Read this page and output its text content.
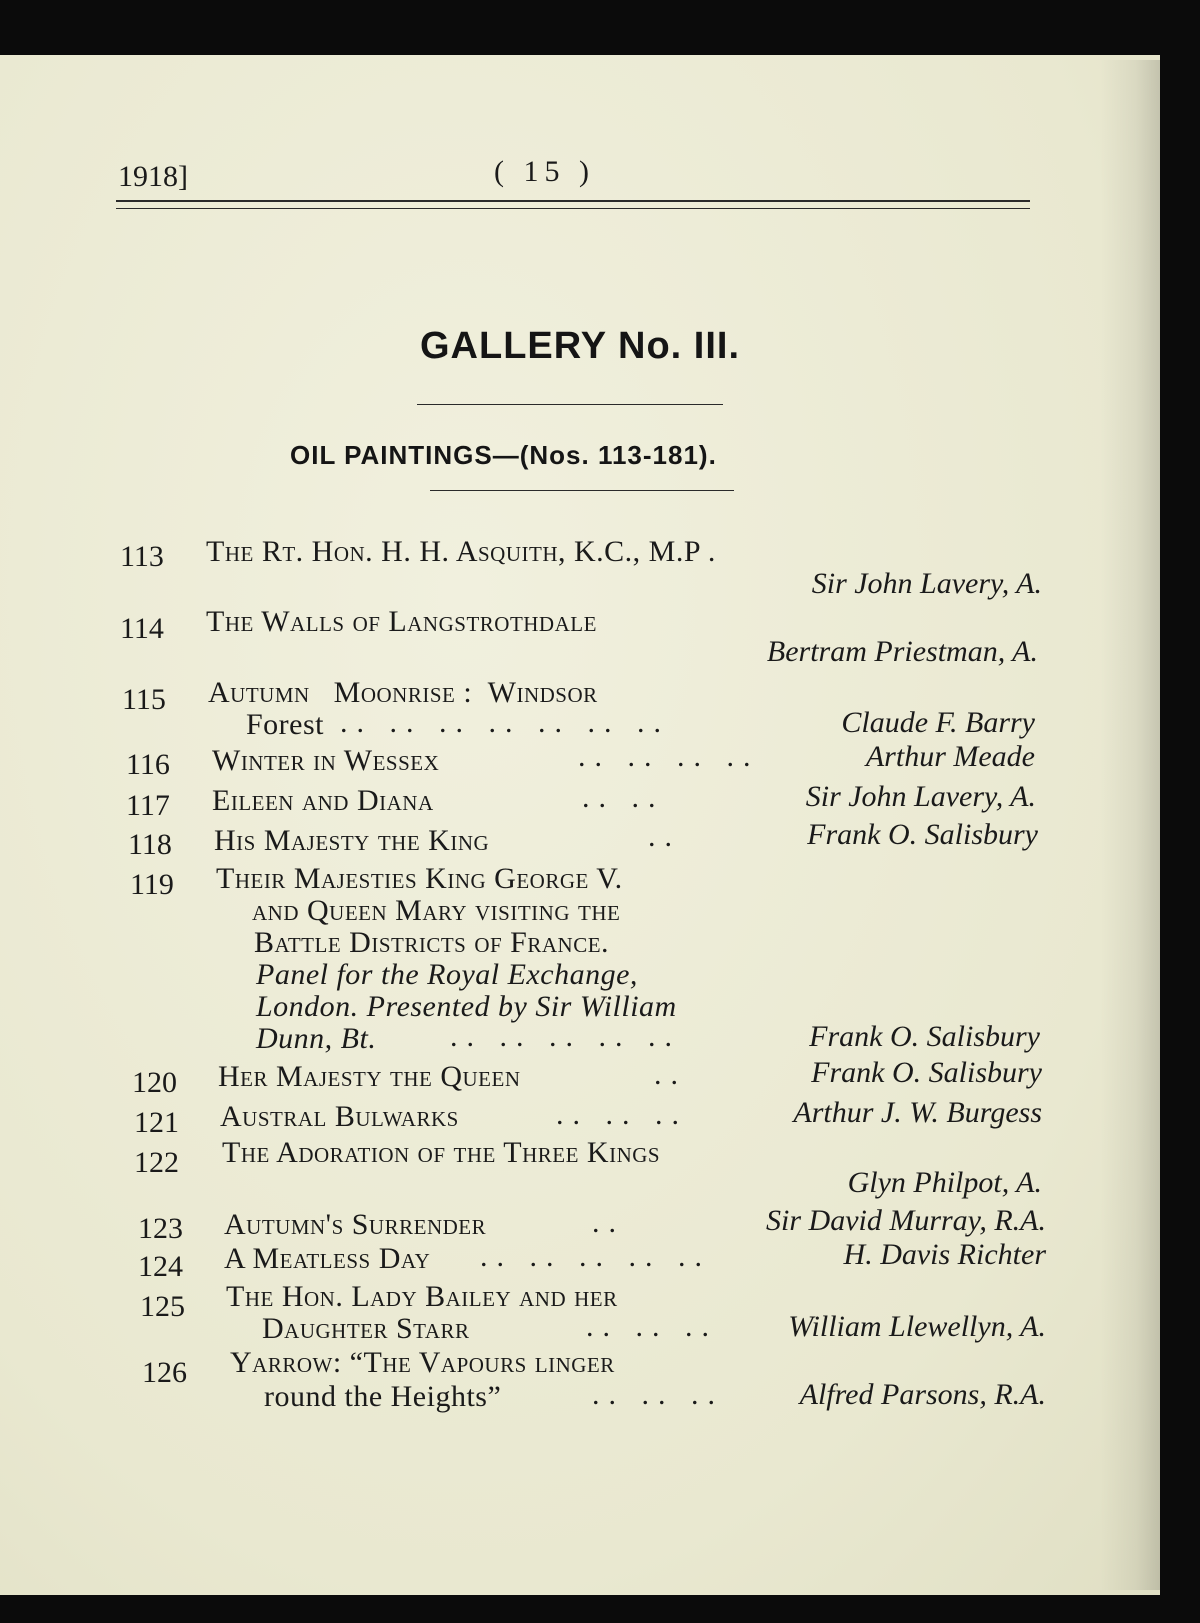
1918]	( 15 )
GALLERY No. III.
OIL PAINTINGS—(Nos. 113-181).
113	The Rt. Hon. H. H. Asquith, K.C., M.P .
Sir John Lavery, A.
114	The Walls of Langstrothdale
Bertram Priestman, A.
115	Autumn   Moonrise :  Windsor
Forest .. .. .. .. .. .. ..	Claude F. Barry
116	Winter in Wessex	.. .. .. ..	Arthur Meade
117	Eileen and Diana	.. ..	Sir John Lavery, A.
118	His Majesty the King	..	Frank O. Salisbury
119	Their Majesties King George V.
and Queen Mary visiting the
Battle Districts of France.
Panel for the Royal Exchange,
London. Presented by Sir William
Dunn, Bt. .. .. .. .. ..	Frank O. Salisbury
120	Her Majesty the Queen	..	Frank O. Salisbury
121	Austral Bulwarks	.. .. ..	Arthur J. W. Burgess
122	The Adoration of the Three Kings
Glyn Philpot, A.
123	Autumn's Surrender	..	Sir David Murray, R.A.
124	A Meatless Day .. .. .. .. ..	H. Davis Richter
125	The Hon. Lady Bailey and her
Daughter Starr	.. .. .. William Llewellyn, A.
126	Yarrow: “The Vapours linger
round the Heights”	.. .. ..	Alfred Parsons, R.A.
